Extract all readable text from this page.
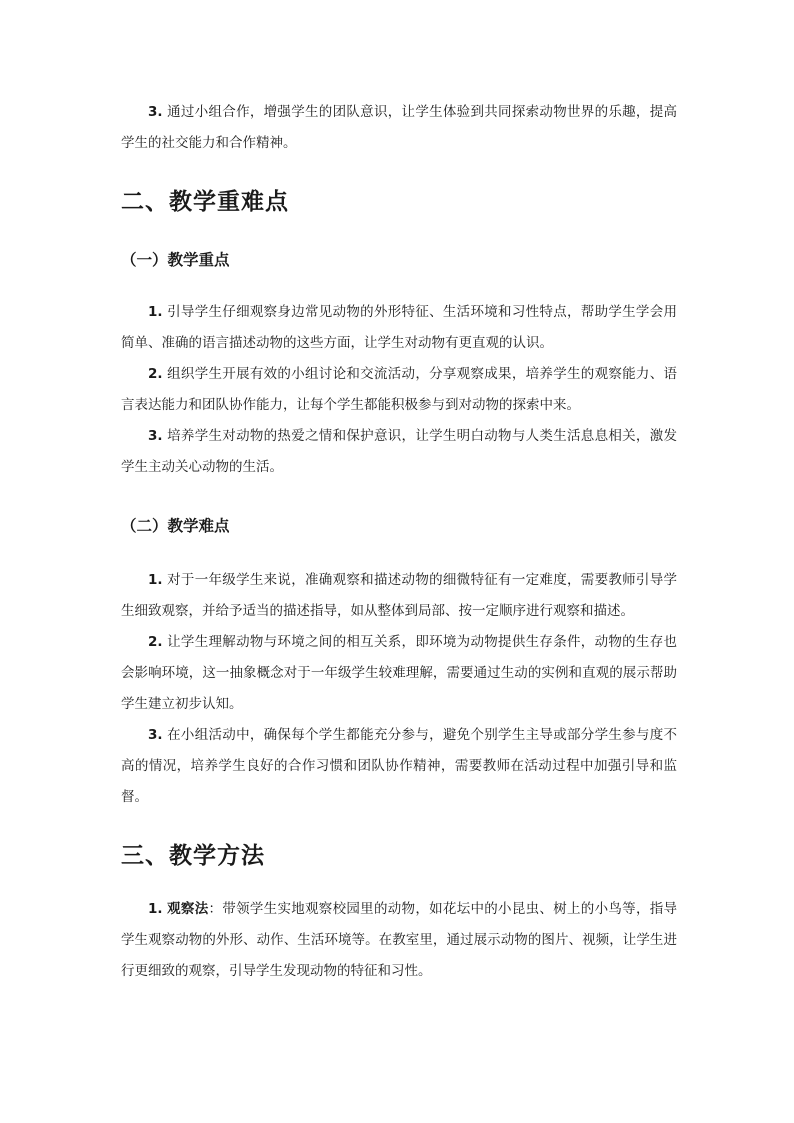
3. 通过小组合作，增强学生的团队意识，让学生体验到共同探索动物世界的乐趣，提高学生的社交能力和合作精神。

二、教学重难点
（一）教学重点

1. 引导学生仔细观察身边常见动物的外形特征、生活环境和习性特点，帮助学生学会用简单、准确的语言描述动物的这些方面，让学生对动物有更直观的认识。

2. 组织学生开展有效的小组讨论和交流活动，分享观察成果，培养学生的观察能力、语言表达能力和团队协作能力，让每个学生都能积极参与到对动物的探索中来。

3. 培养学生对动物的热爱之情和保护意识，让学生明白动物与人类生活息息相关，激发学生主动关心动物的生活。

（二）教学难点

1. 对于一年级学生来说，准确观察和描述动物的细微特征有一定难度，需要教师引导学生细致观察，并给予适当的描述指导，如从整体到局部、按一定顺序进行观察和描述。

2. 让学生理解动物与环境之间的相互关系，即环境为动物提供生存条件，动物的生存也会影响环境，这一抽象概念对于一年级学生较难理解，需要通过生动的实例和直观的展示帮助学生建立初步认知。

3. 在小组活动中，确保每个学生都能充分参与，避免个别学生主导或部分学生参与度不高的情况，培养学生良好的合作习惯和团队协作精神，需要教师在活动过程中加强引导和监督。

三、教学方法

1. 观察法：带领学生实地观察校园里的动物，如花坛中的小昆虫、树上的小鸟等，指导学生观察动物的外形、动作、生活环境等。在教室里，通过展示动物的图片、视频，让学生进行更细致的观察，引导学生发现动物的特征和习性。
